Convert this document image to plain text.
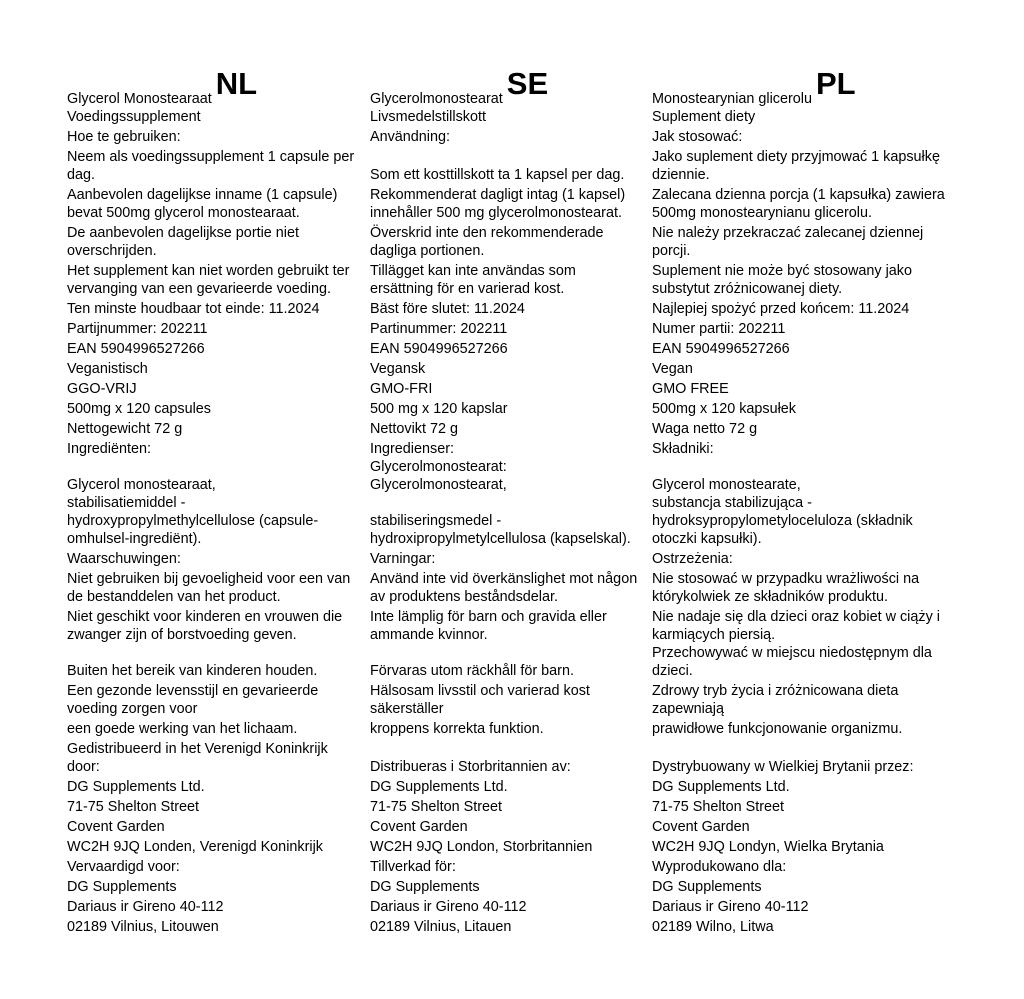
Glycerol Monostearaat NL
Voedingssupplement
Hoe te gebruiken:
Neem als voedingssupplement 1 capsule per
dag.
Aanbevolen dagelijkse inname (1 capsule)
bevat 500mg glycerol monostearaat.
De aanbevolen dagelijkse portie niet
overschrijden.
Het supplement kan niet worden gebruikt ter
vervanging van een gevarieerde voeding.
Ten minste houdbaar tot einde: 11.2024
Partijnummer: 202211
EAN 5904996527266
Veganistisch
GGO-VRIJ
500mg x 120 capsules
Nettogewicht 72 g
Ingrediënten:
Glycerol monostearaat,
stabilisatiemiddel -
hydroxypropylmethylcellulose (capsule-
omhulsel-ingrediënt).
Waarschuwingen:
Niet gebruiken bij gevoeligheid voor een van
de bestanddelen van het product.
Niet geschikt voor kinderen en vrouwen die
zwanger zijn of borstvoeding geven.
Buiten het bereik van kinderen houden.
Een gezonde levensstijl en gevarieerde
voeding zorgen voor
een goede werking van het lichaam.
Gedistribueerd in het Verenigd Koninkrijk
door:
DG Supplements Ltd.
71-75 Shelton Street
Covent Garden
WC2H 9JQ Londen, Verenigd Koninkrijk
Vervaardigd voor:
DG Supplements
Dariaus ir Gireno 40-112
02189 Vilnius, Litouwen
Glycerolmonostearat SE
Livsmedelstillskott
Användning:
Som ett kosttillskott ta 1 kapsel per dag.
Rekommenderat dagligt intag (1 kapsel)
innehåller 500 mg glycerolmonostearat.
Överskrid inte den rekommenderade
dagliga portionen.
Tillägget kan inte användas som
ersättning för en varierad kost.
Bäst före slutet: 11.2024
Partinummer: 202211
EAN 5904996527266
Vegansk
GMO-FRI
500 mg x 120 kapslar
Nettovikt 72 g
Ingredienser:
Glycerolmonostearat:
Glycerolmonostearat,
stabiliseringsmedel -
hydroxipropylmetylcellulosa (kapselskal).
Varningar:
Använd inte vid överkänslighet mot någon
av produktens beståndsdelar.
Inte lämplig för barn och gravida eller
ammande kvinnor.
Förvaras utom räckhåll för barn.
Hälsosam livsstil och varierad kost
säkerställer
kroppens korrekta funktion.
Distribueras i Storbritannien av:
DG Supplements Ltd.
71-75 Shelton Street
Covent Garden
WC2H 9JQ London, Storbritannien
Tillverkad för:
DG Supplements
Dariaus ir Gireno 40-112
02189 Vilnius, Litauen
Monostearynian glicerolu PL
Suplement diety
Jak stosować:
Jako suplement diety przyjmować 1 kapsułkę
dziennie.
Zalecana dzienna porcja (1 kapsułka) zawiera
500mg monostearynianu glicerolu.
Nie należy przekraczać zalecanej dziennej
porcji.
Suplement nie może być stosowany jako
substytut zróżnicowanej diety.
Najlepiej spożyć przed końcem: 11.2024
Numer partii: 202211
EAN 5904996527266
Vegan
GMO FREE
500mg x 120 kapsułek
Waga netto 72 g
Składniki:
Glycerol monostearate,
substancja stabilizująca -
hydroksypropylometyloceluloza (składnik
otoczki kapsułki).
Ostrzeżenia:
Nie stosować w przypadku wrażliwości na
którykolwiek ze składników produktu.
Nie nadaje się dla dzieci oraz kobiet w ciąży i
karmiących piersią.
Przechowywać w miejscu niedostępnym dla
dzieci.
Zdrowy tryb życia i zróżnicowana dieta
zapewniają
prawidłowe funkcjonowanie organizmu.
Dystrybuowany w Wielkiej Brytanii przez:
DG Supplements Ltd.
71-75 Shelton Street
Covent Garden
WC2H 9JQ Londyn, Wielka Brytania
Wyprodukowano dla:
DG Supplements
Dariaus ir Gireno 40-112
02189 Wilno, Litwa
